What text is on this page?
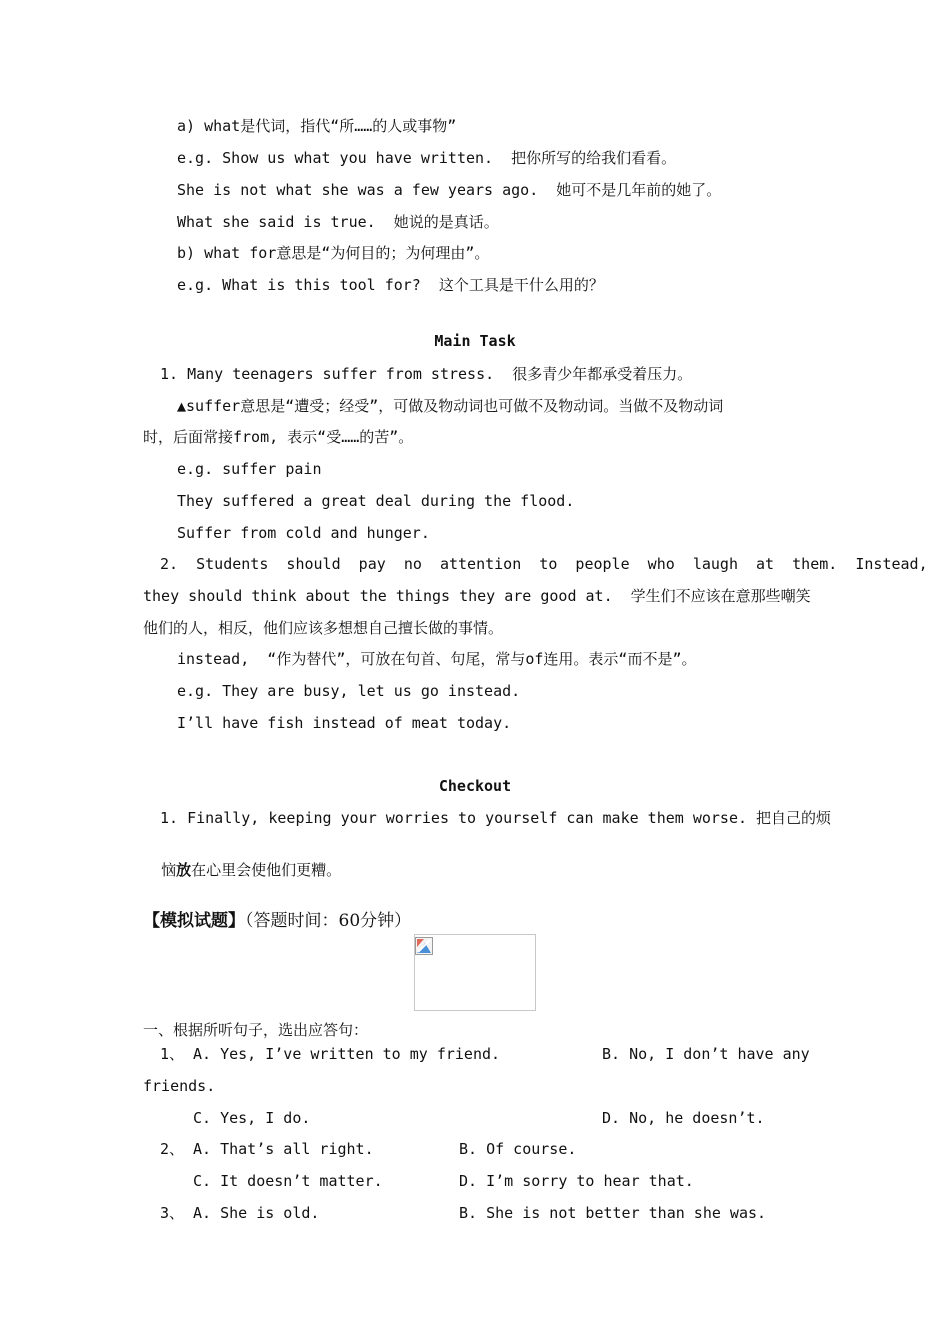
a) what是代词，指代“所……的人或事物”
e.g. Show us what you have written.  把你所写的给我们看看。
She is not what she was a few years ago.  她可不是几年前的她了。
What she said is true.  她说的是真话。
b) what for意思是“为何目的；为何理由”。
e.g. What is this tool for?  这个工具是干什么用的？
Main Task
1. Many teenagers suffer from stress.  很多青少年都承受着压力。
▲suffer意思是“遭受；经受”，可做及物动词也可做不及物动词。当做不及物动词
时，后面常接from, 表示“受……的苦”。
e.g. suffer pain
They suffered a great deal during the flood.
Suffer from cold and hunger.
2.  Students  should  pay  no  attention  to  people  who  laugh  at  them.  Instead,
they should think about the things they are good at.  学生们不应该在意那些嘲笑
他们的人，相反，他们应该多想想自己擅长做的事情。
instead,  “作为替代”，可放在句首、句尾，常与of连用。表示“而不是”。
e.g. They are busy, let us go instead.
I’ll have fish instead of meat today.
Checkout
1. Finally, keeping your worries to yourself can make them worse. 把自己的烦

恼放在心里会使他们更糟。

【模拟试题】（答题时间：60分钟）
一、根据所听句子，选出应答句：
1、 A. Yes, I’ve written to my friend.	B. No, I don’t have any
friends.
C. Yes, I do.	D. No, he doesn’t.
2、 A. That’s all right.	B. Of course.
C. It doesn’t matter.	D. I’m sorry to hear that.
3、 A. She is old.	B. She is not better than she was.
